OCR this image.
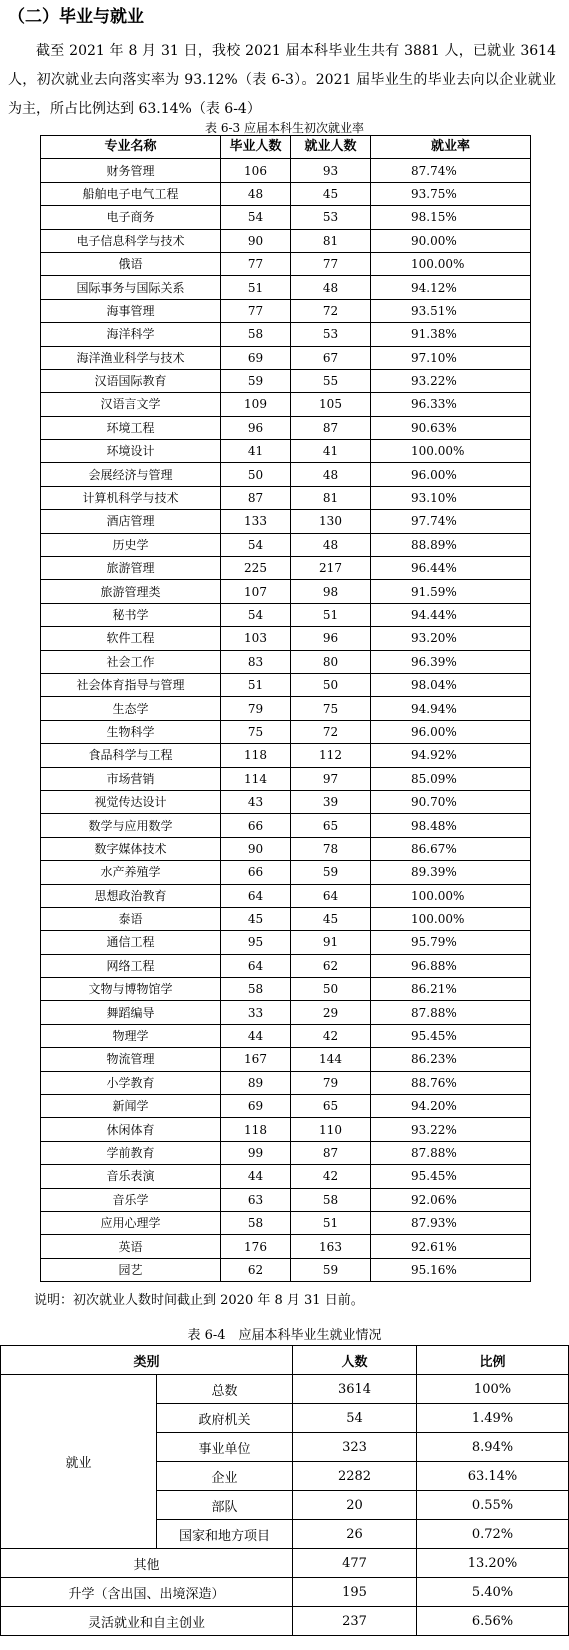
（二）毕业与就业
截至 2021 年 8 月 31 日，我校 2021 届本科毕业生共有 3881 人，已就业 3614 人，初次就业去向落实率为 93.12%（表 6-3）。2021 届毕业生的毕业去向以企业就业为主，所占比例达到 63.14%（表 6-4）
表 6-3 应届本科生初次就业率
专业名称	毕业人数	就业人数	就业率
财务管理	106	93	87.74%
船舶电子电气工程	48	45	93.75%
电子商务	54	53	98.15%
电子信息科学与技术	90	81	90.00%
俄语	77	77	100.00%
国际事务与国际关系	51	48	94.12%
海事管理	77	72	93.51%
海洋科学	58	53	91.38%
海洋渔业科学与技术	69	67	97.10%
汉语国际教育	59	55	93.22%
汉语言文学	109	105	96.33%
环境工程	96	87	90.63%
环境设计	41	41	100.00%
会展经济与管理	50	48	96.00%
计算机科学与技术	87	81	93.10%
酒店管理	133	130	97.74%
历史学	54	48	88.89%
旅游管理	225	217	96.44%
旅游管理类	107	98	91.59%
秘书学	54	51	94.44%
软件工程	103	96	93.20%
社会工作	83	80	96.39%
社会体育指导与管理	51	50	98.04%
生态学	79	75	94.94%
生物科学	75	72	96.00%
食品科学与工程	118	112	94.92%
市场营销	114	97	85.09%
视觉传达设计	43	39	90.70%
数学与应用数学	66	65	98.48%
数字媒体技术	90	78	86.67%
水产养殖学	66	59	89.39%
思想政治教育	64	64	100.00%
泰语	45	45	100.00%
通信工程	95	91	95.79%
网络工程	64	62	96.88%
文物与博物馆学	58	50	86.21%
舞蹈编导	33	29	87.88%
物理学	44	42	95.45%
物流管理	167	144	86.23%
小学教育	89	79	88.76%
新闻学	69	65	94.20%
休闲体育	118	110	93.22%
学前教育	99	87	87.88%
音乐表演	44	42	95.45%
音乐学	63	58	92.06%
应用心理学	58	51	87.93%
英语	176	163	92.61%
园艺	62	59	95.16%
说明：初次就业人数时间截止到 2020 年 8 月 31 日前。
表 6-4　应届本科毕业生就业情况
类别		人数	比例
就业	总数	3614	100%
	政府机关	54	1.49%
	事业单位	323	8.94%
	企业	2282	63.14%
	部队	20	0.55%
	国家和地方项目	26	0.72%
其他		477	13.20%
升学（含出国、出境深造）		195	5.40%
灵活就业和自主创业		237	6.56%
